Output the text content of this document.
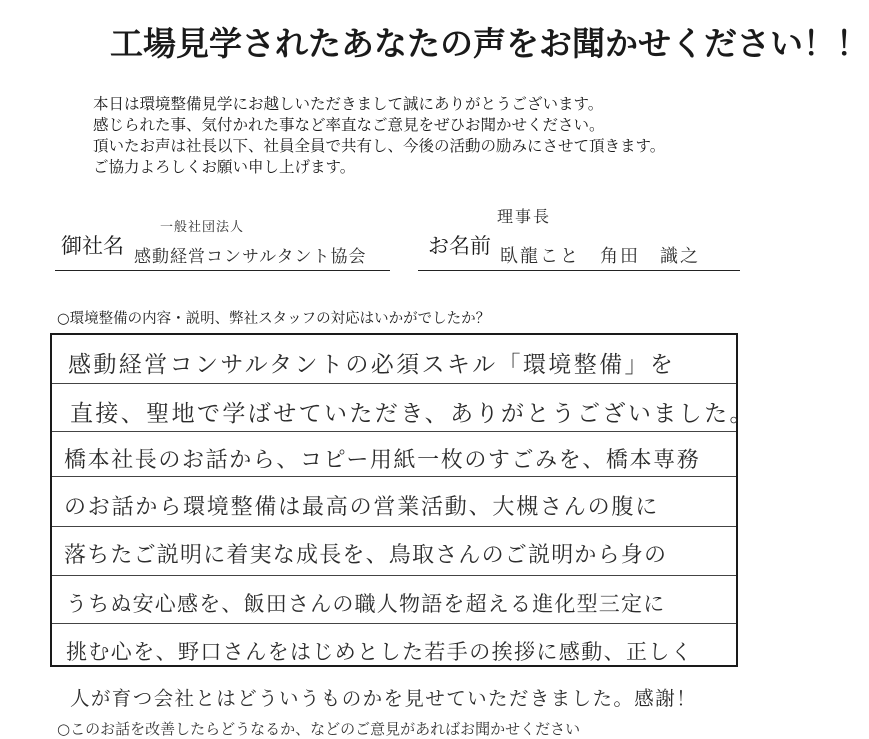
工場見学されたあなたの声をお聞かせください！！
本日は環境整備見学にお越しいただきまして誠にありがとうございます。
感じられた事、気付かれた事など率直なご意見をぜひお聞かせください。
頂いたお声は社長以下、社員全員で共有し、今後の活動の励みにさせて頂きます。
ご協力よろしくお願い申し上げます。
御社名
一般社団法人
感動経営コンサルタント協会	お名前
理事長
臥龍こと　角田　識之
○環境整備の内容・説明、弊社スタッフの対応はいかがでしたか？
感動経営コンサルタントの必須スキル「環境整備」を
直接、聖地で学ばせていただき、ありがとうございました。
橋本社長のお話から、コピー用紙一枚のすごみを、橋本専務
のお話から環境整備は最高の営業活動、大槻さんの腹に
落ちたご説明に着実な成長を、鳥取さんのご説明から身の
うちぬ安心感を、飯田さんの職人物語を超える進化型三定に
挑む心を、野口さんをはじめとした若手の挨拶に感動、正しく
人が育つ会社とはどういうものかを見せていただきました。感謝！
○このお話を改善したらどうなるか、などのご意見があればお聞かせください
